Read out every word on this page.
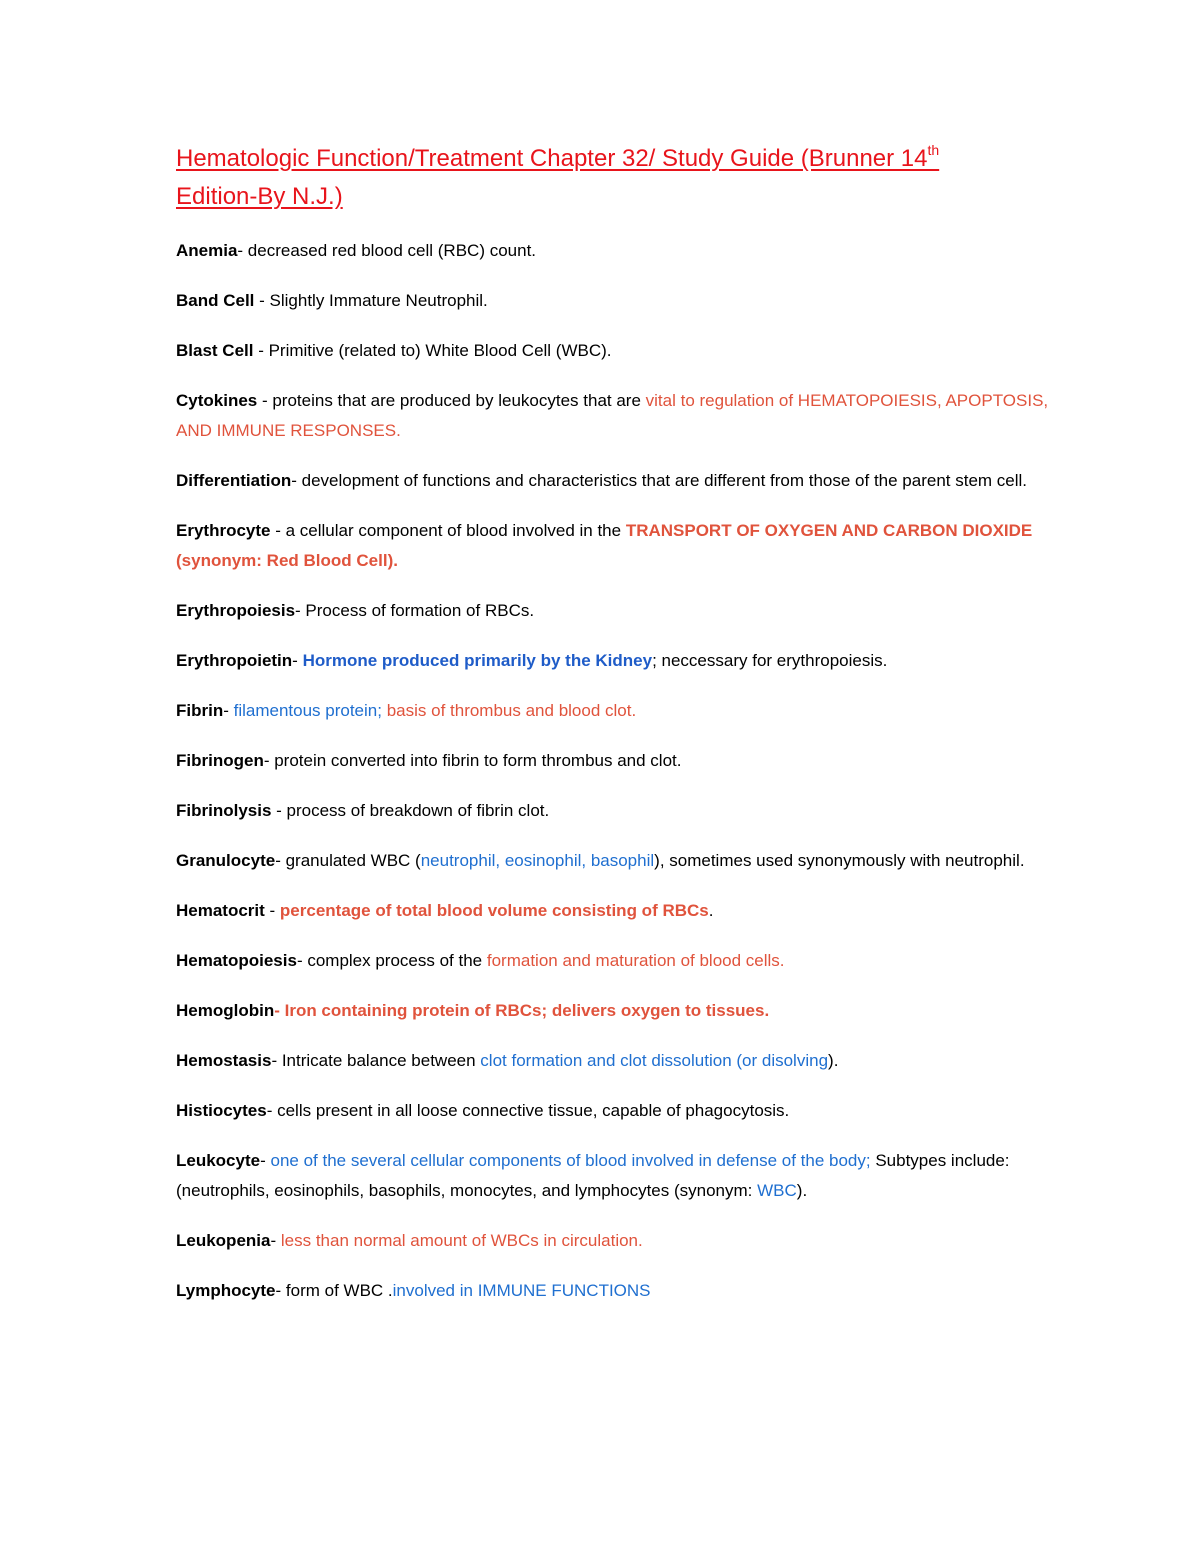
Hematologic Function/Treatment Chapter 32/ Study Guide (Brunner 14th
Edition-By N.J.)

Anemia- decreased red blood cell (RBC) count.

Band Cell - Slightly Immature Neutrophil.

Blast Cell - Primitive (related to) White Blood Cell (WBC).

Cytokines - proteins that are produced by leukocytes that are vital to regulation of HEMATOPOIESIS, APOPTOSIS, AND IMMUNE RESPONSES.

Differentiation- development of functions and characteristics that are different from those of the parent stem cell.

Erythrocyte - a cellular component of blood involved in the TRANSPORT OF OXYGEN AND CARBON DIOXIDE (synonym: Red Blood Cell).

Erythropoiesis- Process of formation of RBCs.

Erythropoietin- Hormone produced primarily by the Kidney; neccessary for erythropoiesis.

Fibrin- filamentous protein; basis of thrombus and blood clot.

Fibrinogen- protein converted into fibrin to form thrombus and clot.

Fibrinolysis - process of breakdown of fibrin clot.

Granulocyte- granulated WBC (neutrophil, eosinophil, basophil), sometimes used synonymously with neutrophil.

Hematocrit - percentage of total blood volume consisting of RBCs.

Hematopoiesis- complex process of the formation and maturation of blood cells.

Hemoglobin- Iron containing protein of RBCs; delivers oxygen to tissues.

Hemostasis- Intricate balance between clot formation and clot dissolution (or disolving).

Histiocytes- cells present in all loose connective tissue, capable of phagocytosis.

Leukocyte- one of the several cellular components of blood involved in defense of the body; Subtypes include: (neutrophils, eosinophils, basophils, monocytes, and lymphocytes (synonym: WBC).

Leukopenia- less than normal amount of WBCs in circulation.

Lymphocyte- form of WBC .involved in IMMUNE FUNCTIONS
